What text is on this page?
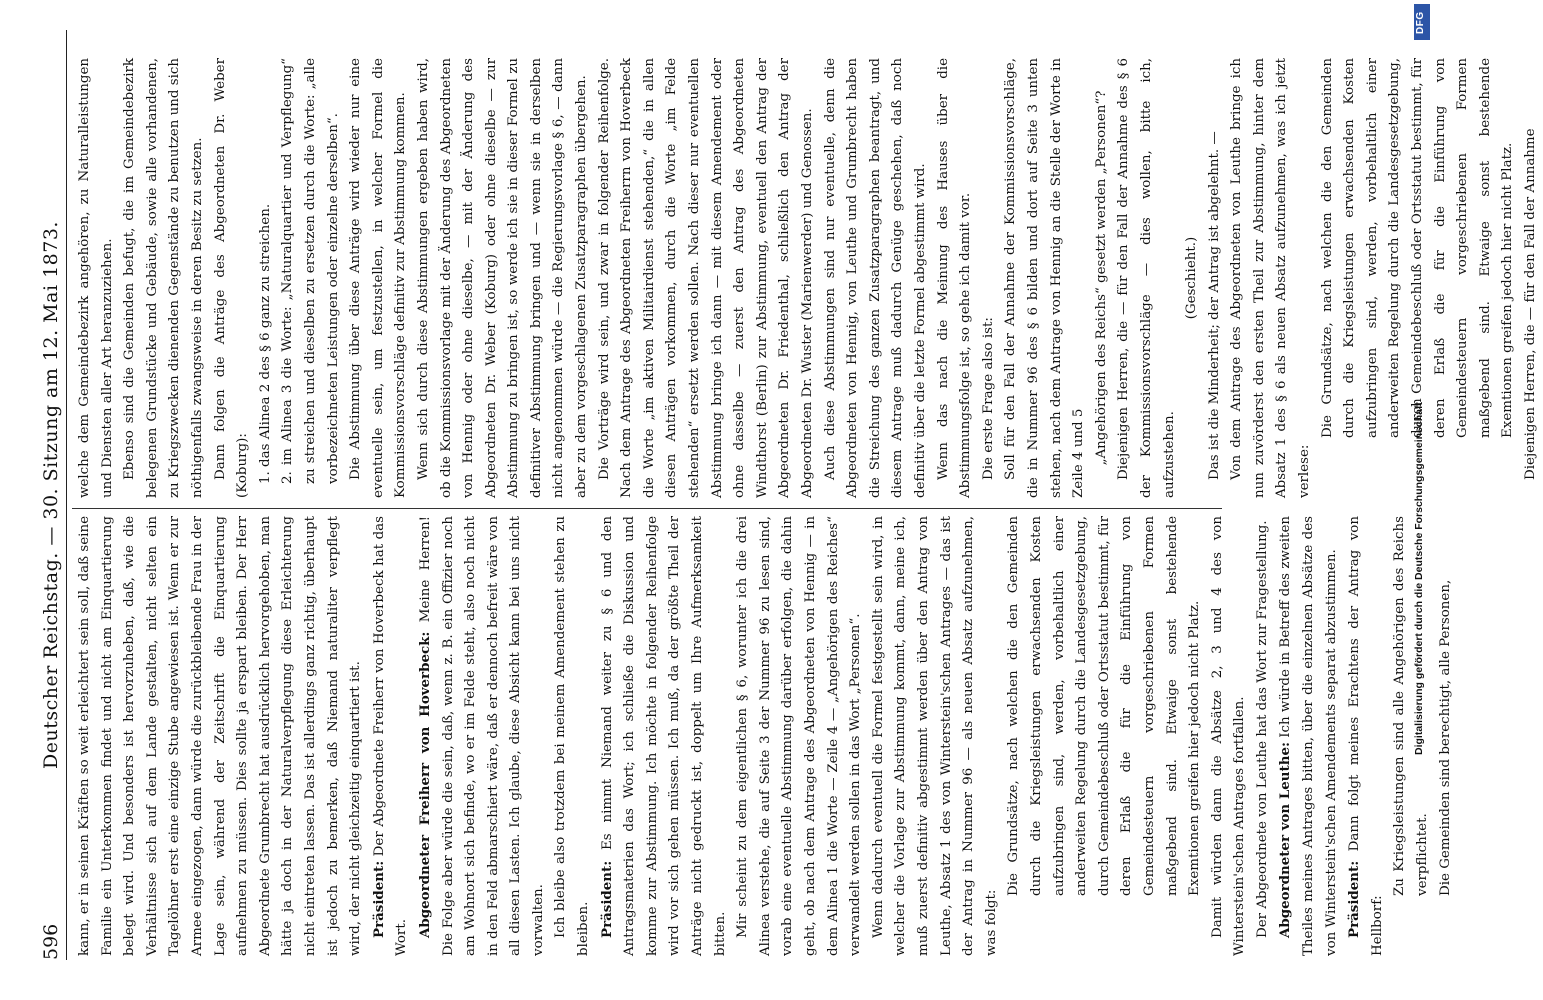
596
Deutscher Reichstag. — 30. Sitzung am 12. Mai 1873. kann, er in seinen Kräften so weit erleichtert sein soll, daß seine Familie ein Unterkommen findet und nicht am Einquartierung belegt wird. Und besonders ist hervorzuheben, daß, wie die Verhältnisse sich auf dem Lande gestalten, nicht selten ein Tagelöhner erst eine einzige Stube angewiesen ist. Wenn er zur Armee eingezogen, dann würde die zurückbleibende Frau in der Lage sein, während der Zeitschrift die Einquartierung aufnehmen zu müssen. Dies sollte ja erspart bleiben. Der Herr Abgeordnete Grumbrecht hat ausdrücklich hervorgehoben, man hätte ja doch in der Naturalverpflegung diese Erleichterung nicht eintreten lassen. Das ist allerdings ganz richtig, überhaupt ist jedoch zu bemerken, daß Niemand naturaliter verpflegt wird, der nicht gleichzeitig einquartiert ist. Präsident: Der Abgeordnete Freiherr von Hoverbeck hat das Wort. Abgeordneter Freiherr von Hoverbeck: Meine Herren! Die Folge aber würde die sein, daß, wenn z. B. ein Offizier noch am Wohnort sich befinde, wo er im Felde steht, also noch nicht in den Feld abmarschiert wäre, daß er dennoch befreit wäre von all diesen Lasten. Ich glaube, diese Absicht kann bei uns nicht vorwalten. Ich bleibe also trotzdem bei meinem Amendement stehen zu bleiben. Präsident: Es nimmt Niemand weiter zu § 6 und den Antragsmaterien das Wort; ich schließe die Diskussion und komme zur Abstimmung. Ich möchte in folgender Reihenfolge wird vor sich gehen müssen. Ich muß, da der größte Theil der Anträge nicht gedruckt ist, doppelt um Ihre Aufmerksamkeit bitten. Mir scheint zu dem eigentlichen § 6, worunter ich die drei Alinea verstehe, die auf Seite 3 der Nummer 96 zu lesen sind, vorab eine eventuelle Abstimmung darüber erfolgen, die dahin geht, ob nach dem Antrage des Abgeordneten von Hennig — in dem Alinea 1 die Worte — Zeile 4 — „Angehörigen des Reiches“ verwandelt werden sollen in das Wort „Personen“. Wenn dadurch eventuell die Formel festgestellt sein wird, in welcher die Vorlage zur Abstimmung kommt, dann, meine ich, muß zuerst definitiv abgestimmt werden über den Antrag von Leuthe, Absatz 1 des von Winterstein'schen Antrages — das ist der Antrag in Nummer 96 — als neuen Absatz aufzunehmen, was folgt:

Die Grundsätze, nach welchen die den Gemeinden durch die Kriegsleistungen erwachsenden Kosten aufzubringen sind, werden, vorbehaltlich einer anderweiten Regelung durch die Landesgesetzgebung, durch Gemeindebeschluß oder Ortsstatut bestimmt, für deren Erlaß die für die Einführung von Gemeindesteuern vorgeschriebenen Formen maßgebend sind. Etwaige sonst bestehende Exemtionen greifen hier jedoch nicht Platz. Damit würden dann die Absätze 2, 3 und 4 des von Winterstein'schen Antrages fortfallen. Der Abgeordnete von Leuthe hat das Wort zur Fragestellung. Abgeordneter von Leuthe: Ich würde in Betreff des zweiten Theiles meines Antrages bitten, über die einzelnen Absätze des von Winterstein'schen Amendements separat abzustimmen. Präsident: Dann folgt meines Erachtens der Antrag von Hellborf:

Zu Kriegsleistungen sind alle Angehörigen des Reichs verpflichtet. Die Gemeinden sind berechtigt, alle Personen,

welche dem Gemeindebezirk angehören, zu Naturalleistungen und Diensten aller Art heranzuziehen. Ebenso sind die Gemeinden befugt, die im Gemeindebezirk belegenen Grundstücke und Gebäude, sowie alle vorhandenen, zu Kriegszwecken dienenden Gegenstände zu benutzen und sich nöthigenfalls zwangsweise in deren Besitz zu setzen. Dann folgen die Anträge des Abgeordneten Dr. Weber (Koburg): 1. das Alinea 2 des § 6 ganz zu streichen. 2. im Alinea 3 die Worte: „Naturalquartier und Verpflegung“ zu streichen und dieselben zu ersetzen durch die Worte: „alle vorbezeichneten Leistungen oder einzelne derselben“. Die Abstimmung über diese Anträge wird wieder nur eine eventuelle sein, um festzustellen, in welcher Formel die Kommissionsvorschläge definitiv zur Abstimmung kommen. Wenn sich durch diese Abstimmungen ergeben haben wird, ob die Kommissionsvorlage mit der Änderung des Abgeordneten von Hennig oder ohne dieselbe, — mit der Änderung des Abgeordneten Dr. Weber (Koburg) oder ohne dieselbe — zur Abstimmung zu bringen ist, so werde ich sie in dieser Formel zu definitiver Abstimmung bringen und — wenn sie in derselben nicht angenommen würde — die Regierungsvorlage § 6, — dann aber zu dem vorgeschlagenen Zusatzparagraphen übergehen. Die Vorträge wird sein, und zwar in folgender Reihenfolge. Nach dem Antrage des Abgeordneten Freiherrn von Hoverbeck die Worte „im aktiven Militairdienst stehenden,“ die in allen diesen Anträgen vorkommen, durch die Worte „im Felde stehenden“ ersetzt werden sollen. Nach dieser nur eventuellen Abstimmung bringe ich dann — mit diesem Amendement oder ohne dasselbe — zuerst den Antrag des Abgeordneten Windthorst (Berlin) zur Abstimmung, eventuell den Antrag der Abgeordneten Dr. Friedenthal, schließlich den Antrag der Abgeordneten Dr. Wuster (Marienwerder) und Genossen. Auch diese Abstimmungen sind nur eventuelle, denn die Abgeordneten von Hennig, von Leuthe und Grumbrecht haben die Streichung des ganzen Zusatzparagraphen beantragt, und diesem Antrage muß dadurch Genüge geschehen, daß noch definitiv über die letzte Formel abgestimmt wird. Wenn das nach die Meinung des Hauses über die Abstimmungsfolge ist, so gehe ich damit vor. Die erste Frage also ist: Soll für den Fall der Annahme der Kommissionsvorschläge, die in Nummer 96 des § 6 bilden und dort auf Seite 3 unten stehen, nach dem Antrage von Hennig an die Stelle der Worte in Zeile 4 und 5 „Angehörigen des Reichs“ gesetzt werden „Personen“? Diejenigen Herren, die — für den Fall der Annahme des § 6 der Kommissionsvorschläge — dies wollen, bitte ich, aufzustehen.

(Geschieht.) Das ist die Minderheit; der Antrag ist abgelehnt. — Von dem Antrage des Abgeordneten von Leuthe bringe ich nun zuvörderst den ersten Theil zur Abstimmung, hinter dem Absatz 1 des § 6 als neuen Absatz aufzunehmen, was ich jetzt verlese:

Die Grundsätze, nach welchen die den Gemeinden durch die Kriegsleistungen erwachsenden Kosten aufzubringen sind, werden, vorbehaltlich einer anderweiten Regelung durch die Landesgesetzgebung, durch Gemeindebeschluß oder Ortsstatut bestimmt, für deren Erlaß die für die Einführung von Gemeindesteuern vorgeschriebenen Formen maßgebend sind. Etwaige sonst bestehende Exemtionen greifen jedoch hier nicht Platz. Diejenigen Herren, die — für den Fall der Annahme

Digitalisierung gefördert durch die Deutsche Forschungsgemeinschaft
DFG
